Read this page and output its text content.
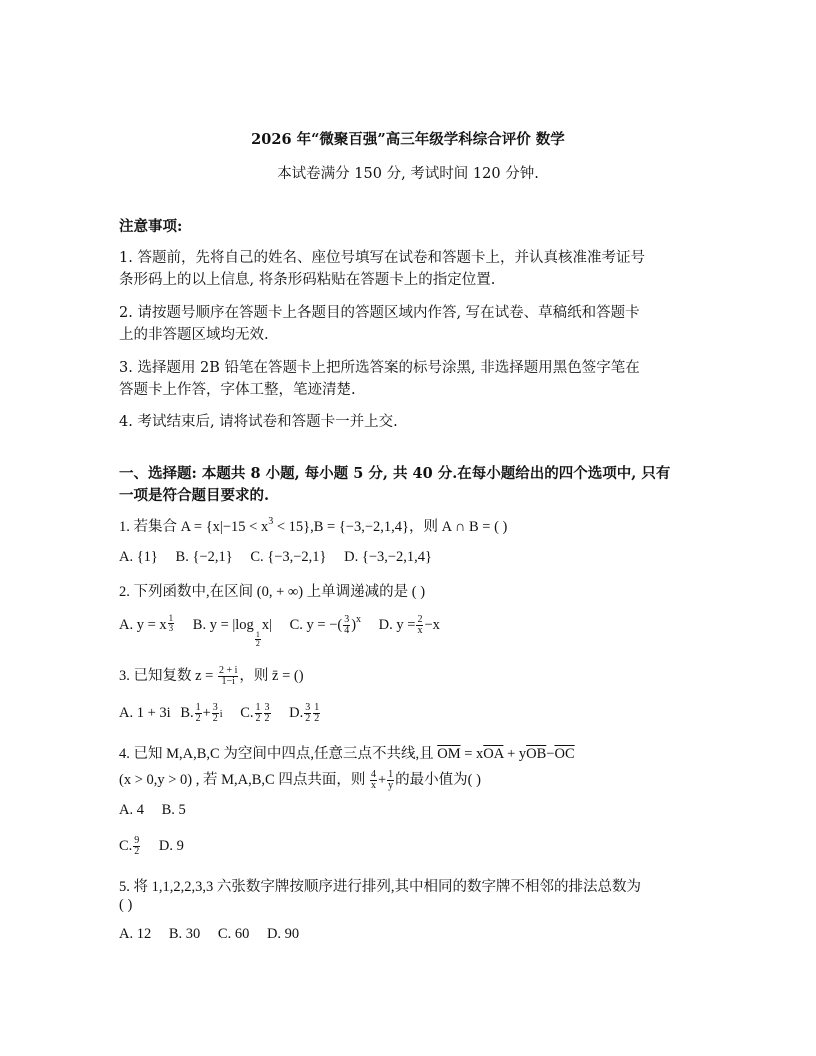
2026 年“微聚百强”高三年级学科综合评价 数学
本试卷满分 150 分, 考试时间 120 分钟.
注意事项:
1. 答题前，先将自己的姓名、座位号填写在试卷和答题卡上，并认真核准准考证号
条形码上的以上信息, 将条形码粘贴在答题卡上的指定位置.
2. 请按题号顺序在答题卡上各题目的答题区域内作答, 写在试卷、草稿纸和答题卡
上的非答题区域均无效.
3. 选择题用 2B 铅笔在答题卡上把所选答案的标号涂黑, 非选择题用黑色签字笔在
答题卡上作答，字体工整，笔迹清楚.
4. 考试结束后, 请将试卷和答题卡一并上交.
一、选择题: 本题共 8 小题, 每小题 5 分, 共 40 分.在每小题给出的四个选项中, 只有
一项是符合题目要求的.
1. 若集合 $A = \{x|-15 < x^3 < 15\},B = \{-3,-2,1,4\}$，则 A ∩ B = ( )
A. {1} B. {−2,1} C. {−3,−2,1} D. {−3,−2,1,4}
2. 下列函数中,在区间 (0, + ∞) 上单调递减的是 ( )
A. y = x $\frac{1}{3} B$. y = |log
$\frac{1}{2}$
x| C. y = −( $\frac{3}{4} )^x$ D. $y = \frac{2}{x} -x$
3. 已知复数 $z = \frac{2 + i}{1-i}$ ，则 z̄ = ()
A. 1 + 3i B. $\frac{1}{2} + \frac{3}{2}$ i C. $\frac{1}{2} \frac{3}{2} D$. $\frac{3}{2} \frac{1}{2}$
4. 已知 M,A,B,C 为空间中四点,任意三点不共线,且 $\overline{OM} = x\overline{OA} + y\overline{OB}-\overline{OC}$
(x > 0,y > 0) , 若 M,A,B,C 四点共面，则 $\frac{4}{x} + \frac{1}{y}$ 的最小值为( )
A. 4 B. 5
C. $\frac{9}{2} D$. 9
5. 将 1,1,2,2,3,3 六张数字牌按顺序进行排列,其中相同的数字牌不相邻的排法总数为
( )
A. 12 B. 30 C. 60 D. 90
